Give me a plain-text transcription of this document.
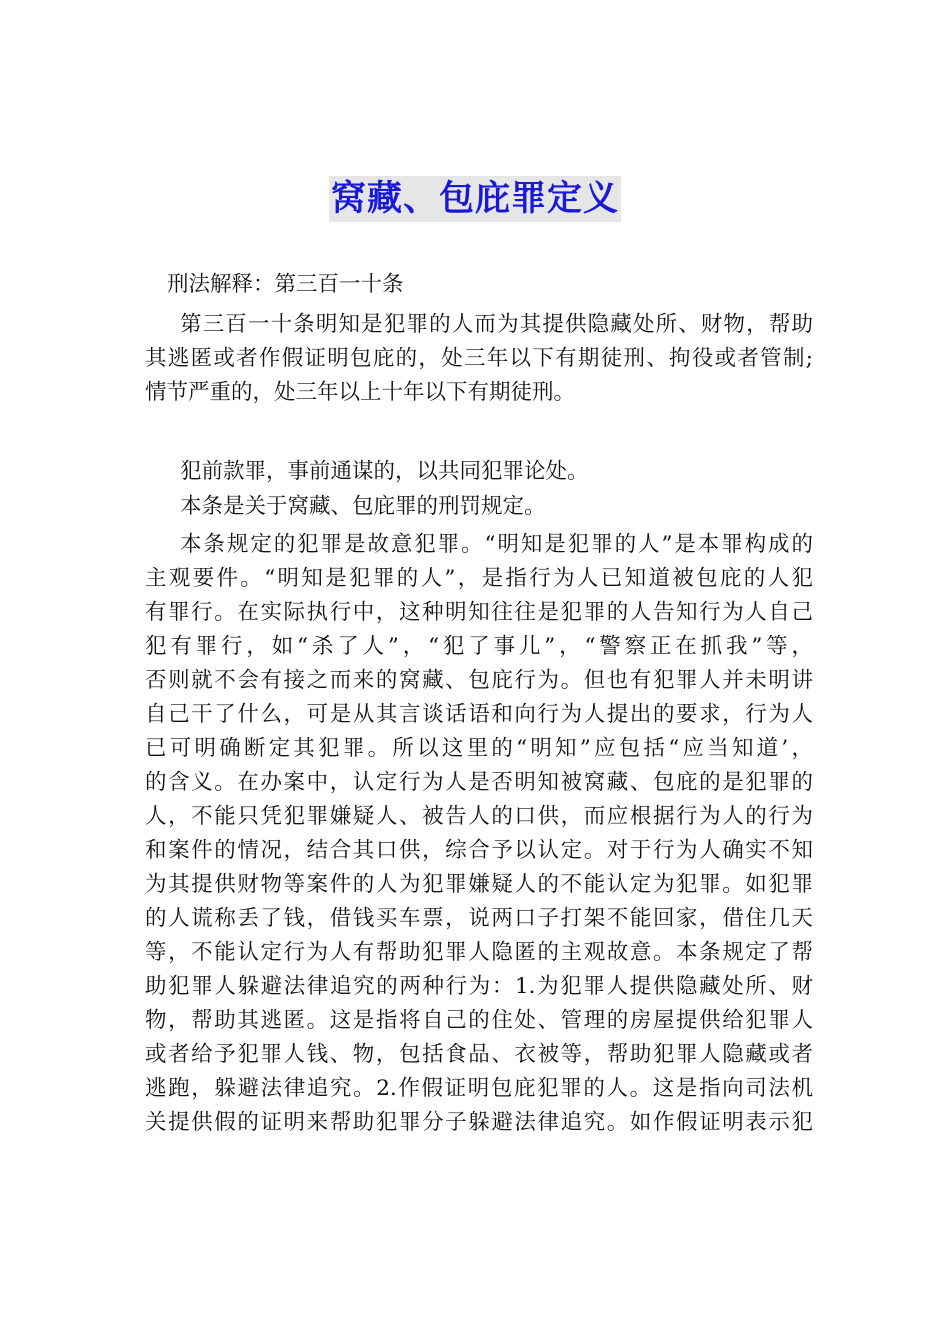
窝藏、包庇罪定义
刑法解释：第三百一十条
第三百一十条明知是犯罪的人而为其提供隐藏处所、财物，帮助
其逃匿或者作假证明包庇的，处三年以下有期徒刑、拘役或者管制;
情节严重的，处三年以上十年以下有期徒刑。
犯前款罪，事前通谋的，以共同犯罪论处。
本条是关于窝藏、包庇罪的刑罚规定。
本条规定的犯罪是故意犯罪。“明知是犯罪的人”是本罪构成的
主观要件。“明知是犯罪的人”，是指行为人已知道被包庇的人犯
有罪行。在实际执行中，这种明知往往是犯罪的人告知行为人自己
犯有罪行，如“杀了人”，“犯了事儿”，“警察正在抓我”等，
否则就不会有接之而来的窝藏、包庇行为。但也有犯罪人并未明讲
自己干了什么，可是从其言谈话语和向行为人提出的要求，行为人
已可明确断定其犯罪。所以这里的“明知”应包括“应当知道’，
的含义。在办案中，认定行为人是否明知被窝藏、包庇的是犯罪的
人，不能只凭犯罪嫌疑人、被告人的口供，而应根据行为人的行为
和案件的情况，结合其口供，综合予以认定。对于行为人确实不知
为其提供财物等案件的人为犯罪嫌疑人的不能认定为犯罪。如犯罪
的人谎称丢了钱，借钱买车票，说两口子打架不能回家，借住几天
等，不能认定行为人有帮助犯罪人隐匿的主观故意。本条规定了帮
助犯罪人躲避法律追究的两种行为：1.为犯罪人提供隐藏处所、财
物，帮助其逃匿。这是指将自己的住处、管理的房屋提供给犯罪人
或者给予犯罪人钱、物，包括食品、衣被等，帮助犯罪人隐藏或者
逃跑，躲避法律追究。2.作假证明包庇犯罪的人。这是指向司法机
关提供假的证明来帮助犯罪分子躲避法律追究。如作假证明表示犯
